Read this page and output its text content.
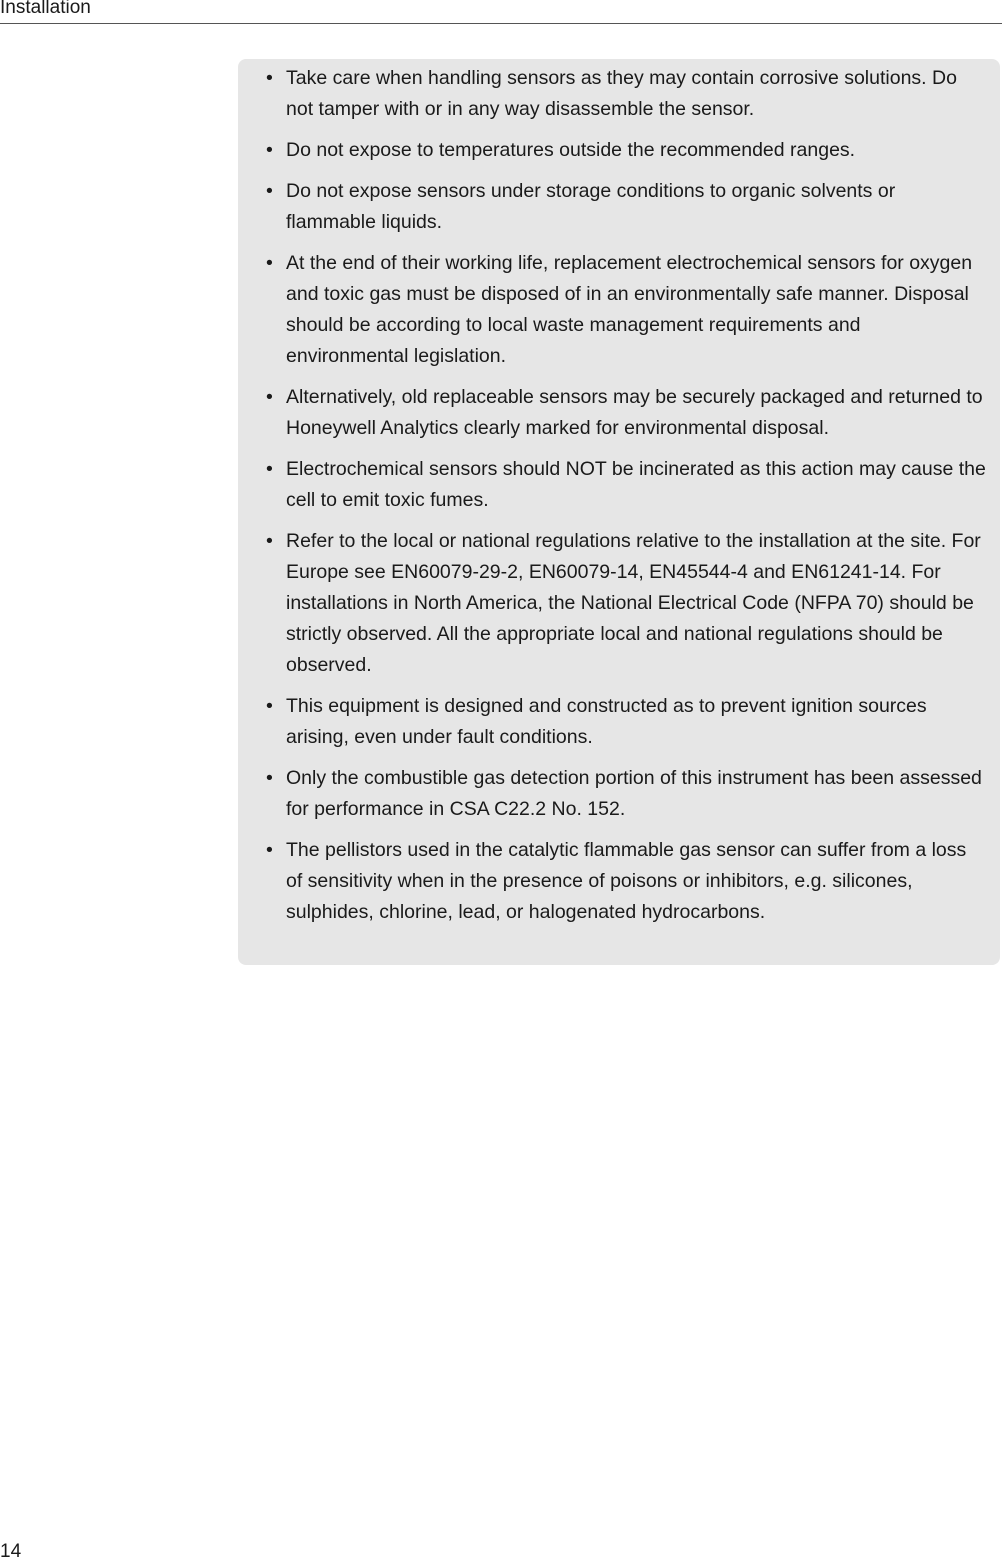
Installation
• Take care when handling sensors as they may contain corrosive solutions. Do not tamper with or in any way disassemble the sensor.
• Do not expose to temperatures outside the recommended ranges.
• Do not expose sensors under storage conditions to organic solvents or flammable liquids.
• At the end of their working life, replacement electrochemical sensors for oxygen and toxic gas must be disposed of in an environmentally safe manner. Disposal should be according to local waste management requirements and environmental legislation.
• Alternatively, old replaceable sensors may be securely packaged and returned to Honeywell Analytics clearly marked for environmental disposal.
• Electrochemical sensors should NOT be incinerated as this action may cause the cell to emit toxic fumes.
• Refer to the local or national regulations relative to the installation at the site. For Europe see EN60079-29-2, EN60079-14, EN45544-4 and EN61241-14. For installations in North America, the National Electrical Code (NFPA 70) should be strictly observed. All the appropriate local and national regulations should be observed.
• This equipment is designed and constructed as to prevent ignition sources arising, even under fault conditions.
• Only the combustible gas detection portion of this instrument has been assessed for performance in CSA C22.2 No. 152.
• The pellistors used in the catalytic flammable gas sensor can suffer from a loss of sensitivity when in the presence of poisons or inhibitors, e.g. silicones, sulphides, chlorine, lead, or halogenated hydrocarbons.
14
